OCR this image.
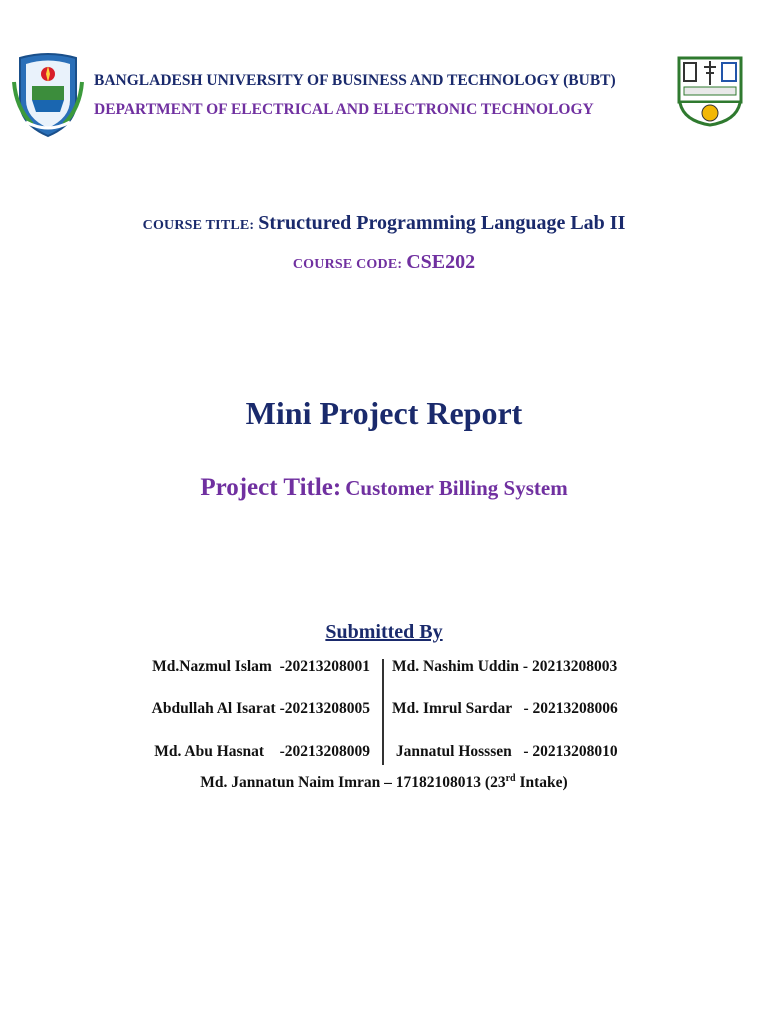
BANGLADESH UNIVERSITY OF BUSINESS AND TECHNOLOGY (BUBT)
DEPARTMENT OF ELECTRICAL AND ELECTRONIC TECHNOLOGY
COURSE TITLE: Structured Programming Language Lab II
COURSE CODE: CSE202
Mini Project Report
Project Title: Customer Billing System
Submitted By
Md.Nazmul Islam  -20213208001 Md. Nashim Uddin - 20213208003
Abdullah Al Isarat -20213208005 Md. Imrul Sardar   - 20213208006
Md. Abu Hasnat    -20213208009 Jannatul Hosssen   - 20213208010
Md. Jannatun Naim Imran – 17182108013 (23rd Intake)
